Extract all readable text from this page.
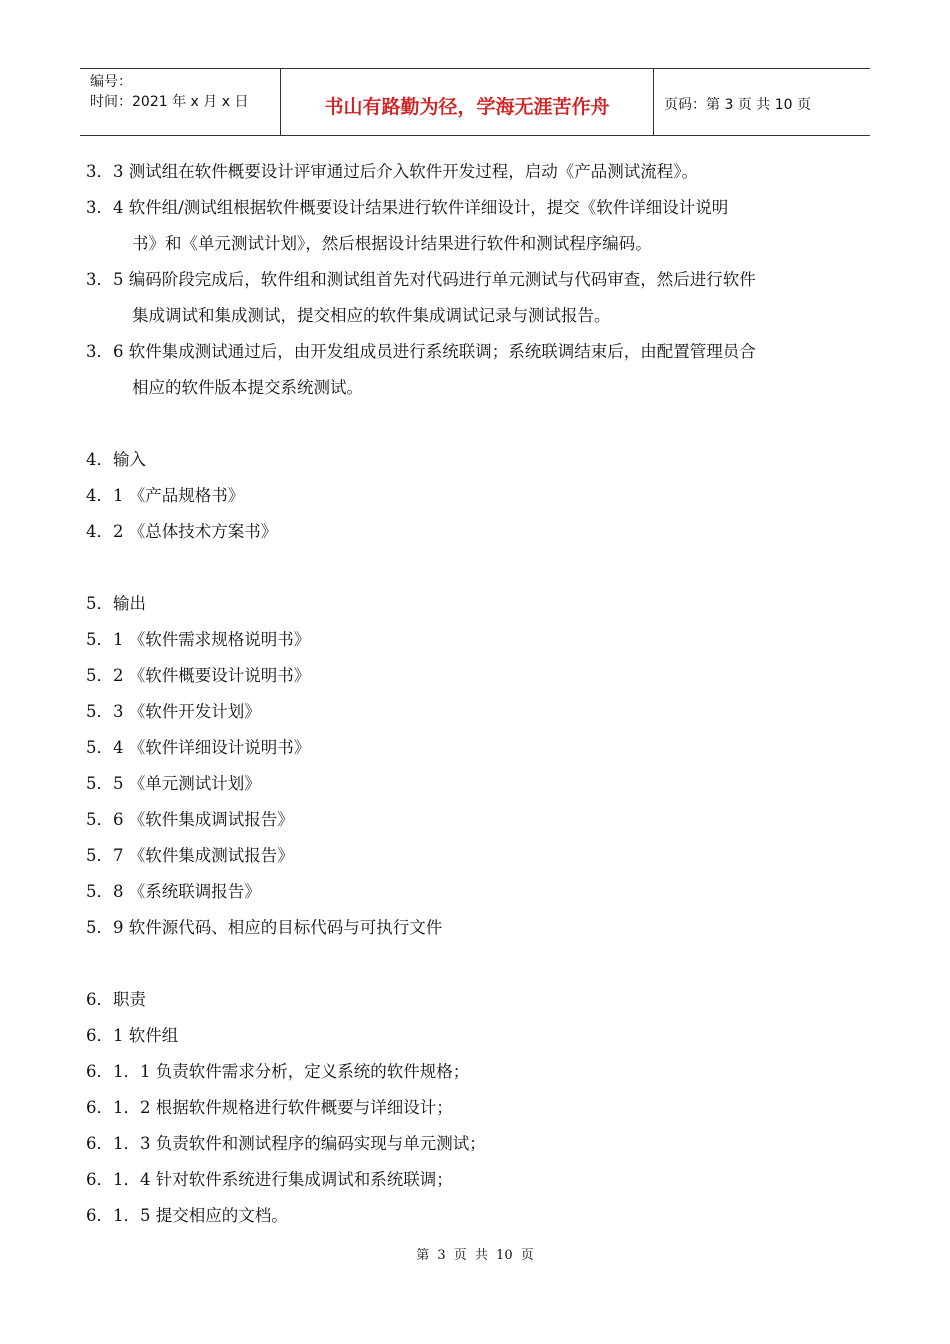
编号：
时间：2021 年 x 月 x 日	书山有路勤为径，学海无涯苦作舟	页码：第 3 页 共 10 页
3．3 测试组在软件概要设计评审通过后介入软件开发过程，启动《产品测试流程》。
3．4 软件组/测试组根据软件概要设计结果进行软件详细设计，提交《软件详细设计说明
书》和《单元测试计划》，然后根据设计结果进行软件和测试程序编码。
3．5 编码阶段完成后，软件组和测试组首先对代码进行单元测试与代码审查，然后进行软件
集成调试和集成测试，提交相应的软件集成调试记录与测试报告。
3．6 软件集成测试通过后，由开发组成员进行系统联调；系统联调结束后，由配置管理员合
相应的软件版本提交系统测试。
4．输入
4．1 《产品规格书》
4．2 《总体技术方案书》
5．输出
5．1 《软件需求规格说明书》
5．2 《软件概要设计说明书》
5．3 《软件开发计划》
5．4 《软件详细设计说明书》
5．5 《单元测试计划》
5．6 《软件集成调试报告》
5．7 《软件集成测试报告》
5．8 《系统联调报告》
5．9 软件源代码、相应的目标代码与可执行文件
6．职责
6．1 软件组
6．1．1 负责软件需求分析，定义系统的软件规格；
6．1．2 根据软件规格进行软件概要与详细设计；
6．1．3 负责软件和测试程序的编码实现与单元测试；
6．1．4 针对软件系统进行集成调试和系统联调；
6．1．5 提交相应的文档。
第 3 页 共 10 页
